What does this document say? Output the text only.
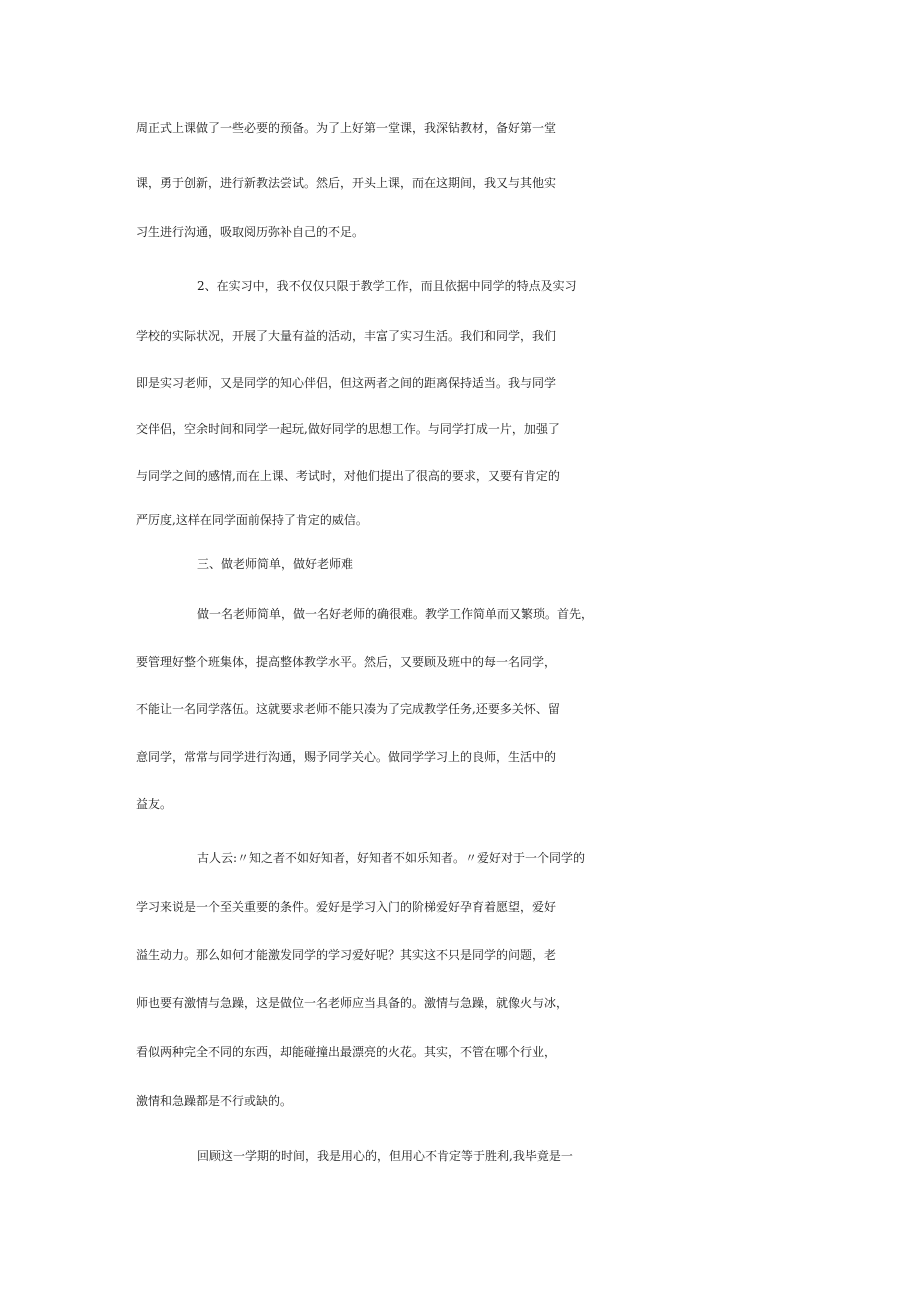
周正式上课做了一些必要的预备。为了上好第一堂课，我深钻教材，备好第一堂
课，勇于创新，进行新教法尝试。然后，开头上课，而在这期间，我又与其他实
习生进行沟通，吸取阅历弥补自己的不足。
2、在实习中，我不仅仅只限于教学工作，而且依据中同学的特点及实习
学校的实际状况，开展了大量有益的活动，丰富了实习生活。我们和同学，我们
即是实习老师，又是同学的知心伴侣，但这两者之间的距离保持适当。我与同学
交伴侣，空余时间和同学一起玩,做好同学的思想工作。与同学打成一片，加强了
与同学之间的感情,而在上课、考试时，对他们提出了很高的要求，又要有肯定的
严厉度,这样在同学面前保持了肯定的威信。
三、做老师简单，做好老师难
做一名老师简单，做一名好老师的确很难。教学工作简单而又繁琐。首先，
要管理好整个班集体，提高整体教学水平。然后，又要顾及班中的每一名同学，
不能让一名同学落伍。这就要求老师不能只凑为了完成教学任务,还要多关怀、留
意同学，常常与同学进行沟通，赐予同学关心。做同学学习上的良师，生活中的
益友。
古人云:〃知之者不如好知者，好知者不如乐知者。〃爱好对于一个同学的
学习来说是一个至关重要的条件。爱好是学习入门的阶梯爱好孕育着愿望，爱好
溢生动力。那么如何才能激发同学的学习爱好呢？其实这不只是同学的问题，老
师也要有激情与急躁，这是做位一名老师应当具备的。激情与急躁，就像火与冰，
看似两种完全不同的东西，却能碰撞出最漂亮的火花。其实，不管在哪个行业，
激情和急躁都是不行或缺的。
回顾这一学期的时间，我是用心的，但用心不肯定等于胜利,我毕竟是一
